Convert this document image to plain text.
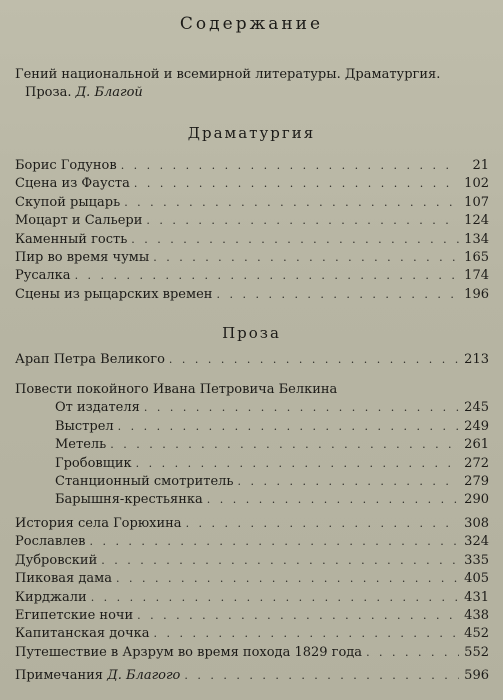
Содержание
Гений национальной и всемирной литературы. Драматургия.
Проза. Д. Благой
Драматургия
Борис Годунов . . .	21
Сцена из Фауста . . .	102
Скупой рыцарь . . .	107
Моцарт и Сальери . . .	124
Каменный гость . . .	134
Пир во время чумы . . .	165
Русалка . . .	174
Сцены из рыцарских времен . . .	196
Проза
Арап Петра Великого . . .	213
Повести покойного Ивана Петровича Белкина
От издателя . . .	245
Выстрел . . .	249
Метель . . .	261
Гробовщик . . .	272
Станционный смотритель . . .	279
Барышня-крестьянка . . .	290
История села Горюхина . . .	308
Рославлев . . .	324
Дубровский . . .	335
Пиковая дама . . .	405
Кирджали . . .	431
Египетские ночи . . .	438
Капитанская дочка . . .	452
Путешествие в Арзрум во время похода 1829 года . . .	552
Примечания Д. Благого . . .	596
